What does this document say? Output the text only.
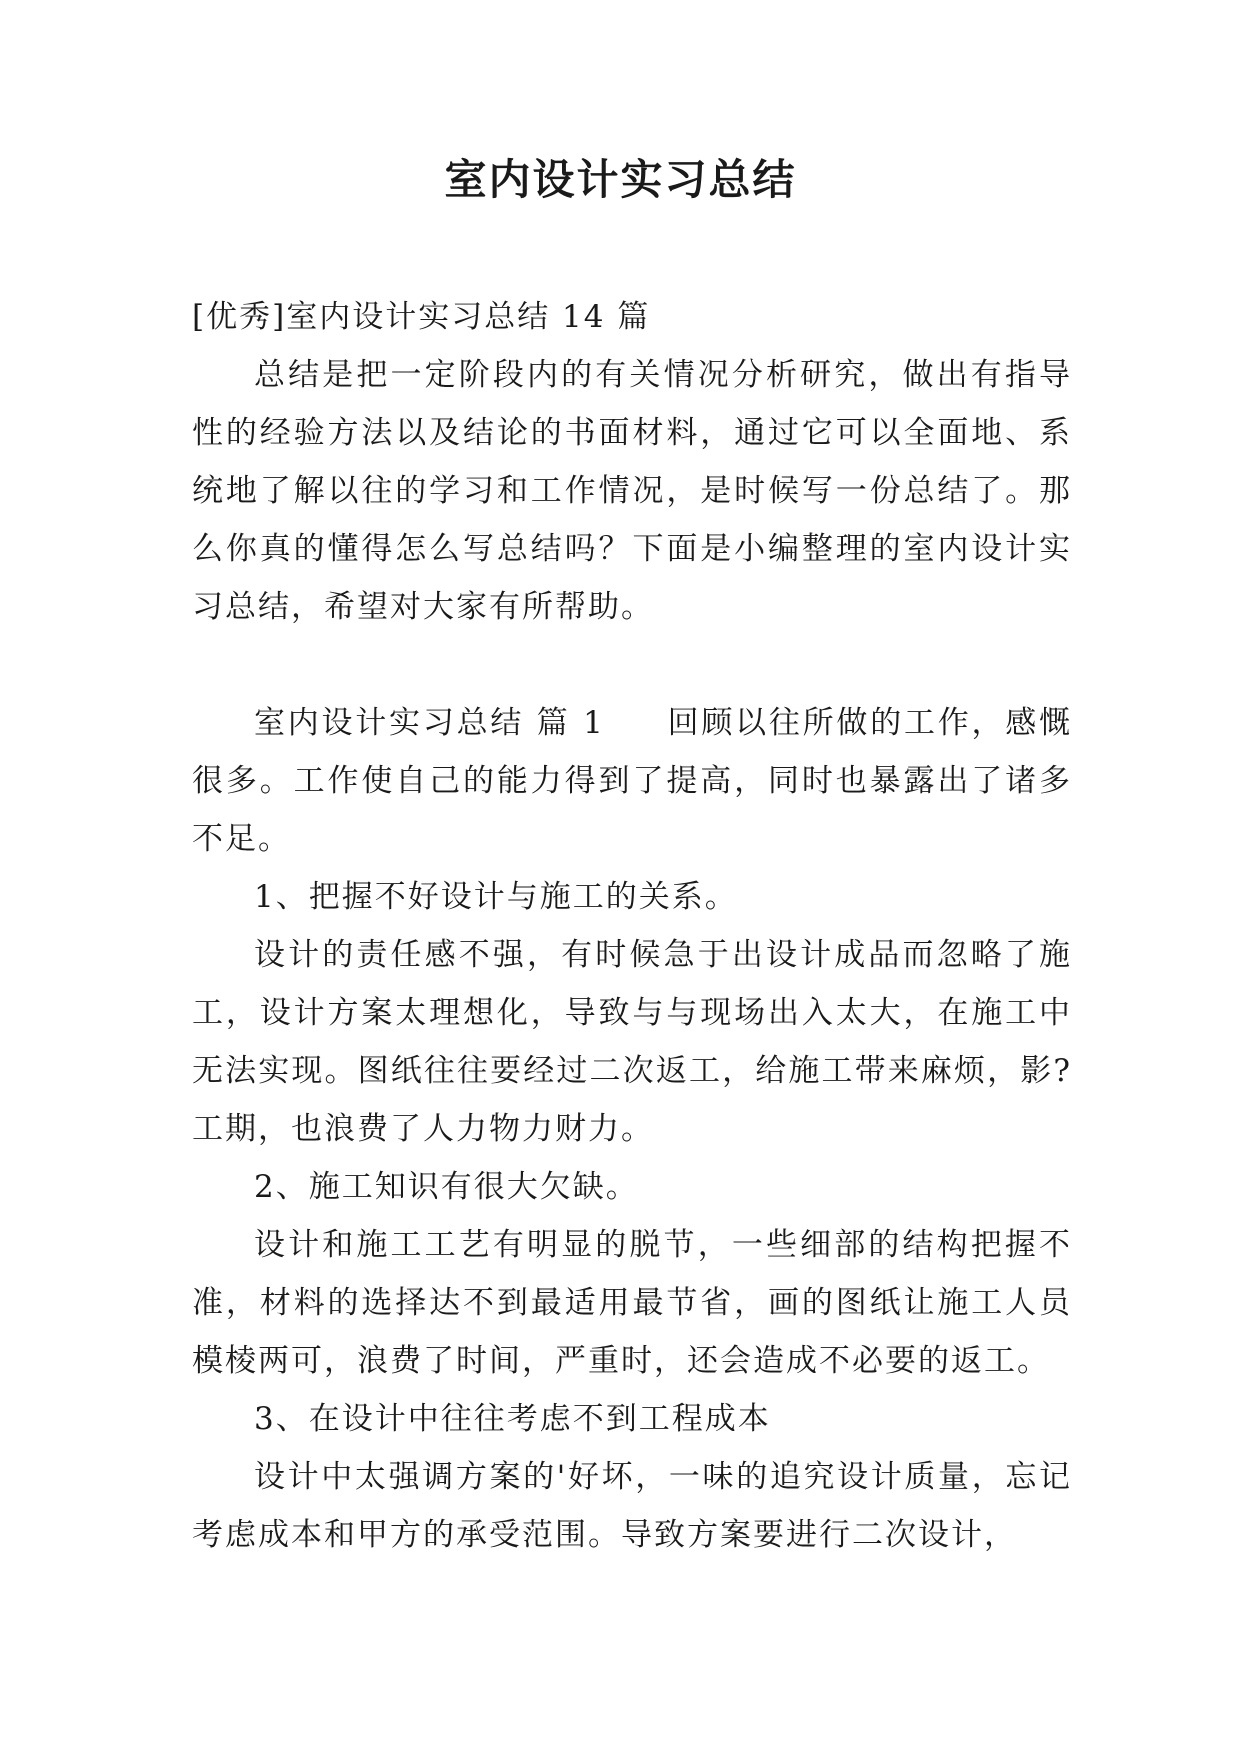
室内设计实习总结

[优秀]室内设计实习总结 14 篇

总结是把一定阶段内的有关情况分析研究，做出有指导性的经验方法以及结论的书面材料，通过它可以全面地、系统地了解以往的学习和工作情况，是时候写一份总结了。那么你真的懂得怎么写总结吗？下面是小编整理的室内设计实习总结，希望对大家有所帮助。

室内设计实习总结 篇 1 回顾以往所做的工作，感慨很多。工作使自己的能力得到了提高，同时也暴露出了诸多不足。

1、把握不好设计与施工的关系。

设计的责任感不强，有时候急于出设计成品而忽略了施工，设计方案太理想化，导致与与现场出入太大，在施工中无法实现。图纸往往要经过二次返工，给施工带来麻烦，影?工期，也浪费了人力物力财力。

2、施工知识有很大欠缺。

设计和施工工艺有明显的脱节，一些细部的结构把握不准，材料的选择达不到最适用最节省，画的图纸让施工人员模棱两可，浪费了时间，严重时，还会造成不必要的返工。

3、在设计中往往考虑不到工程成本

设计中太强调方案的'好坏，一味的追究设计质量，忘记考虑成本和甲方的承受范围。导致方案要进行二次设计，
